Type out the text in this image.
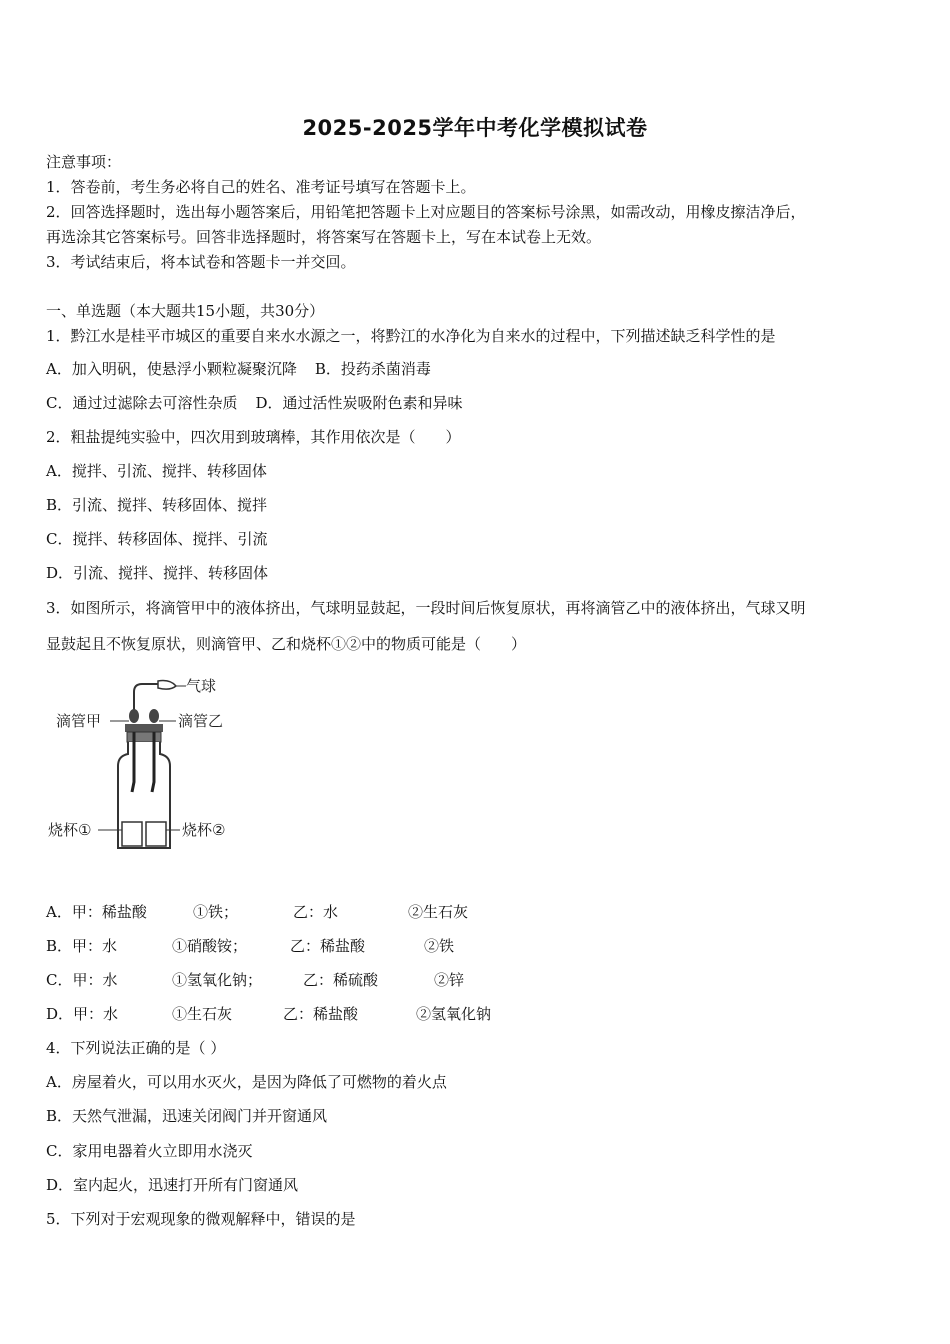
2025-2025学年中考化学模拟试卷
注意事项：
1．答卷前，考生务必将自己的姓名、准考证号填写在答题卡上。
2．回答选择题时，选出每小题答案后，用铅笔把答题卡上对应题目的答案标号涂黑，如需改动，用橡皮擦洁净后，
再选涂其它答案标号。回答非选择题时，将答案写在答题卡上，写在本试卷上无效。
3．考试结束后，将本试卷和答题卡一并交回。
一、单选题（本大题共15小题，共30分）
1．黔江水是桂平市城区的重要自来水水源之一，将黔江的水净化为自来水的过程中，下列描述缺乏科学性的是
A．加入明矾，使悬浮小颗粒凝聚沉降 B．投药杀菌消毒
C．通过过滤除去可溶性杂质 D．通过活性炭吸附色素和异味
2．粗盐提纯实验中，四次用到玻璃棒，其作用依次是（　　）
A．搅拌、引流、搅拌、转移固体
B．引流、搅拌、转移固体、搅拌
C．搅拌、转移固体、搅拌、引流
D．引流、搅拌、搅拌、转移固体
3．如图所示，将滴管甲中的液体挤出，气球明显鼓起，一段时间后恢复原状，再将滴管乙中的液体挤出，气球又明
显鼓起且不恢复原状，则滴管甲、乙和烧杯①②中的物质可能是（　　）
气球
滴管甲	滴管乙
烧杯①	烧杯②
A．甲：稀盐酸	①铁；	乙：水	②生石灰
B．甲：水	①硝酸铵；	乙：稀盐酸	②铁
C．甲：水	①氢氧化钠；	乙：稀硫酸	②锌
D．甲：水	①生石灰	乙：稀盐酸	②氢氧化钠
4．下列说法正确的是（ ）
A．房屋着火，可以用水灭火，是因为降低了可燃物的着火点
B．天然气泄漏，迅速关闭阀门并开窗通风
C．家用电器着火立即用水浇灭
D．室内起火，迅速打开所有门窗通风
5．下列对于宏观现象的微观解释中，错误的是
